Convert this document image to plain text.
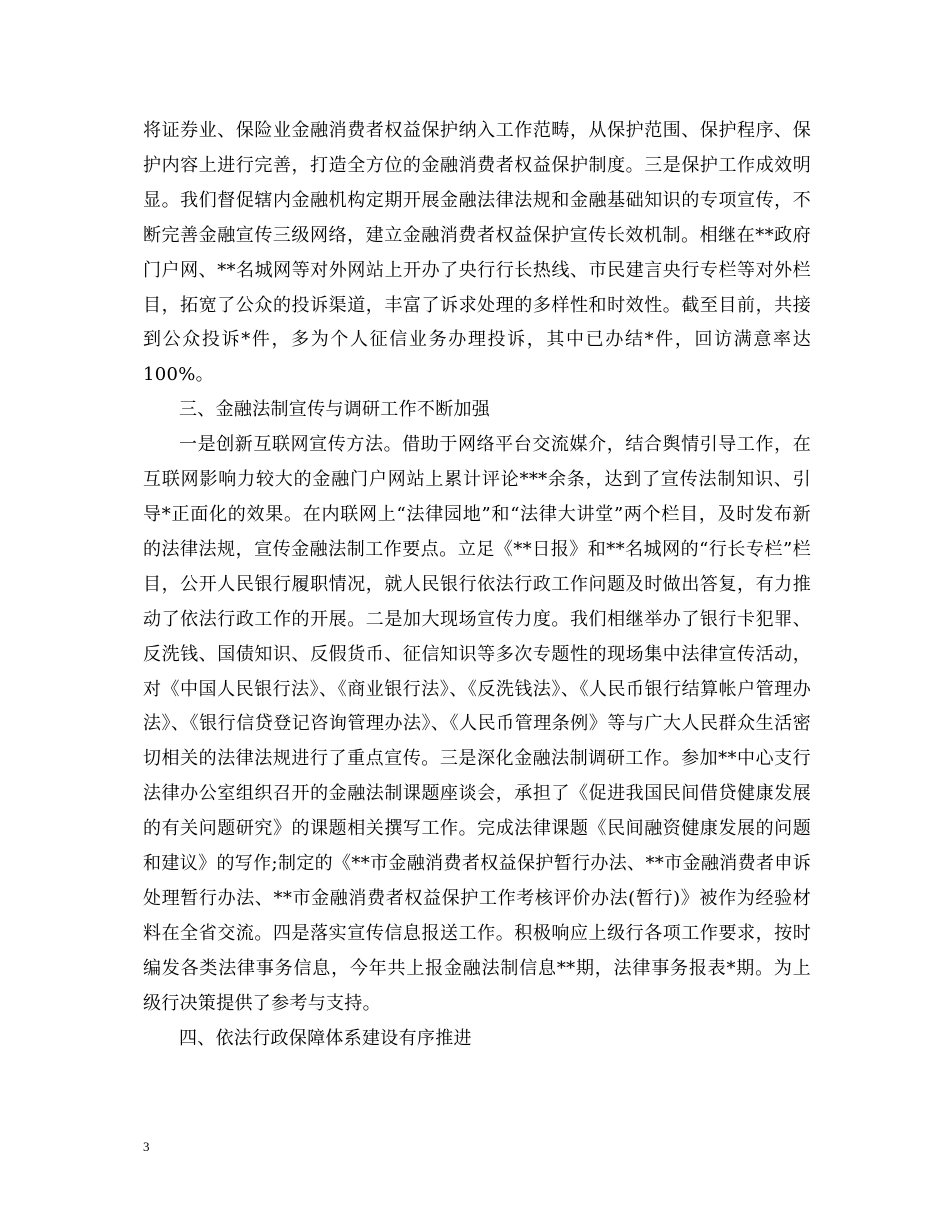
将证券业、保险业金融消费者权益保护纳入工作范畴，从保护范围、保护程序、保护内容上进行完善，打造全方位的金融消费者权益保护制度。三是保护工作成效明显。我们督促辖内金融机构定期开展金融法律法规和金融基础知识的专项宣传，不断完善金融宣传三级网络，建立金融消费者权益保护宣传长效机制。相继在**政府门户网、**名城网等对外网站上开办了央行行长热线、市民建言央行专栏等对外栏目，拓宽了公众的投诉渠道，丰富了诉求处理的多样性和时效性。截至目前，共接到公众投诉*件，多为个人征信业务办理投诉，其中已办结*件，回访满意率达100%。

三、金融法制宣传与调研工作不断加强

一是创新互联网宣传方法。借助于网络平台交流媒介，结合舆情引导工作，在互联网影响力较大的金融门户网站上累计评论***余条，达到了宣传法制知识、引导*正面化的效果。在内联网上“法律园地”和“法律大讲堂”两个栏目，及时发布新的法律法规，宣传金融法制工作要点。立足《**日报》和**名城网的“行长专栏”栏目，公开人民银行履职情况，就人民银行依法行政工作问题及时做出答复，有力推动了依法行政工作的开展。二是加大现场宣传力度。我们相继举办了银行卡犯罪、反洗钱、国债知识、反假货币、征信知识等多次专题性的现场集中法律宣传活动，对《中国人民银行法》、《商业银行法》、《反洗钱法》、《人民币银行结算帐户管理办法》、《银行信贷登记咨询管理办法》、《人民币管理条例》等与广大人民群众生活密切相关的法律法规进行了重点宣传。三是深化金融法制调研工作。参加**中心支行法律办公室组织召开的金融法制课题座谈会，承担了《促进我国民间借贷健康发展的有关问题研究》的课题相关撰写工作。完成法律课题《民间融资健康发展的问题和建议》的写作;制定的《**市金融消费者权益保护暂行办法、**市金融消费者申诉处理暂行办法、**市金融消费者权益保护工作考核评价办法(暂行)》被作为经验材料在全省交流。四是落实宣传信息报送工作。积极响应上级行各项工作要求，按时编发各类法律事务信息，今年共上报金融法制信息**期，法律事务报表*期。为上级行决策提供了参考与支持。

四、依法行政保障体系建设有序推进

3
